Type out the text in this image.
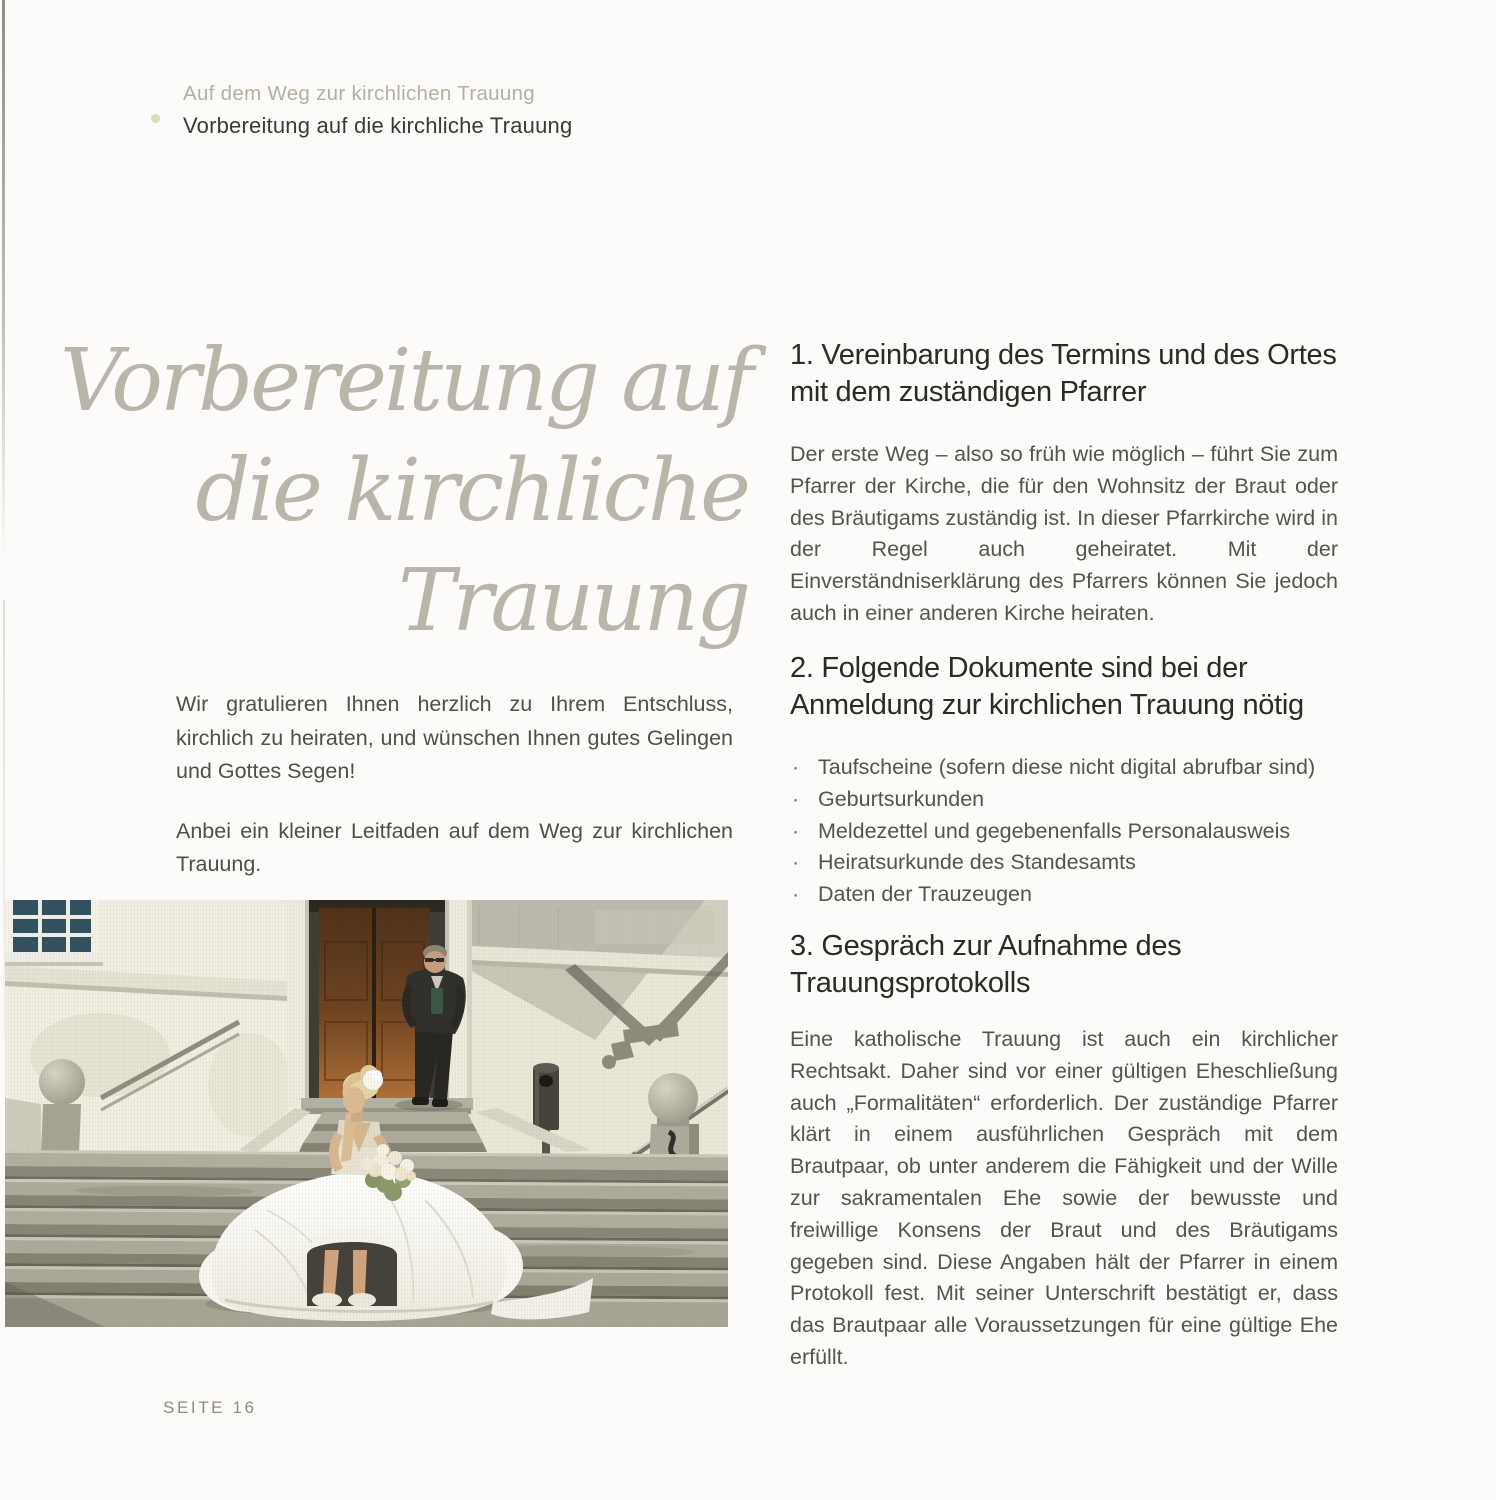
Auf dem Weg zur kirchlichen Trauung
Vorbereitung auf die kirchliche Trauung
Vorbereitung auf
die kirchliche
Trauung

Wir gratulieren Ihnen herzlich zu Ihrem Entschluss, kirchlich zu heiraten, und wünschen Ihnen gutes Gelingen und Gottes Segen!

Anbei ein kleiner Leitfaden auf dem Weg zur kirchlichen Trauung.

1. Vereinbarung des Termins und des Ortes mit dem zuständigen Pfarrer

Der erste Weg – also so früh wie möglich – führt Sie zum Pfarrer der Kirche, die für den Wohnsitz der Braut oder des Bräutigams zuständig ist. In dieser Pfarrkirche wird in der Regel auch geheiratet. Mit der Einverständniserklärung des Pfarrers können Sie jedoch auch in einer anderen Kirche heiraten.

2. Folgende Dokumente sind bei der Anmeldung zur kirchlichen Trauung nötig
· Taufscheine (sofern diese nicht digital abrufbar sind)
· Geburtsurkunden
· Meldezettel und gegebenenfalls Personalausweis
· Heiratsurkunde des Standesamts
· Daten der Trauzeugen
3. Gespräch zur Aufnahme des Trauungsprotokolls

Eine katholische Trauung ist auch ein kirchlicher Rechtsakt. Daher sind vor einer gültigen Eheschließung auch „Formalitäten“ erforderlich. Der zuständige Pfarrer klärt in einem ausführlichen Gespräch mit dem Brautpaar, ob unter anderem die Fähigkeit und der Wille zur sakramentalen Ehe sowie der bewusste und freiwillige Konsens der Braut und des Bräutigams gegeben sind. Diese Angaben hält der Pfarrer in einem Protokoll fest. Mit seiner Unterschrift bestätigt er, dass das Brautpaar alle Voraussetzungen für eine gültige Ehe erfüllt.

SEITE 16
